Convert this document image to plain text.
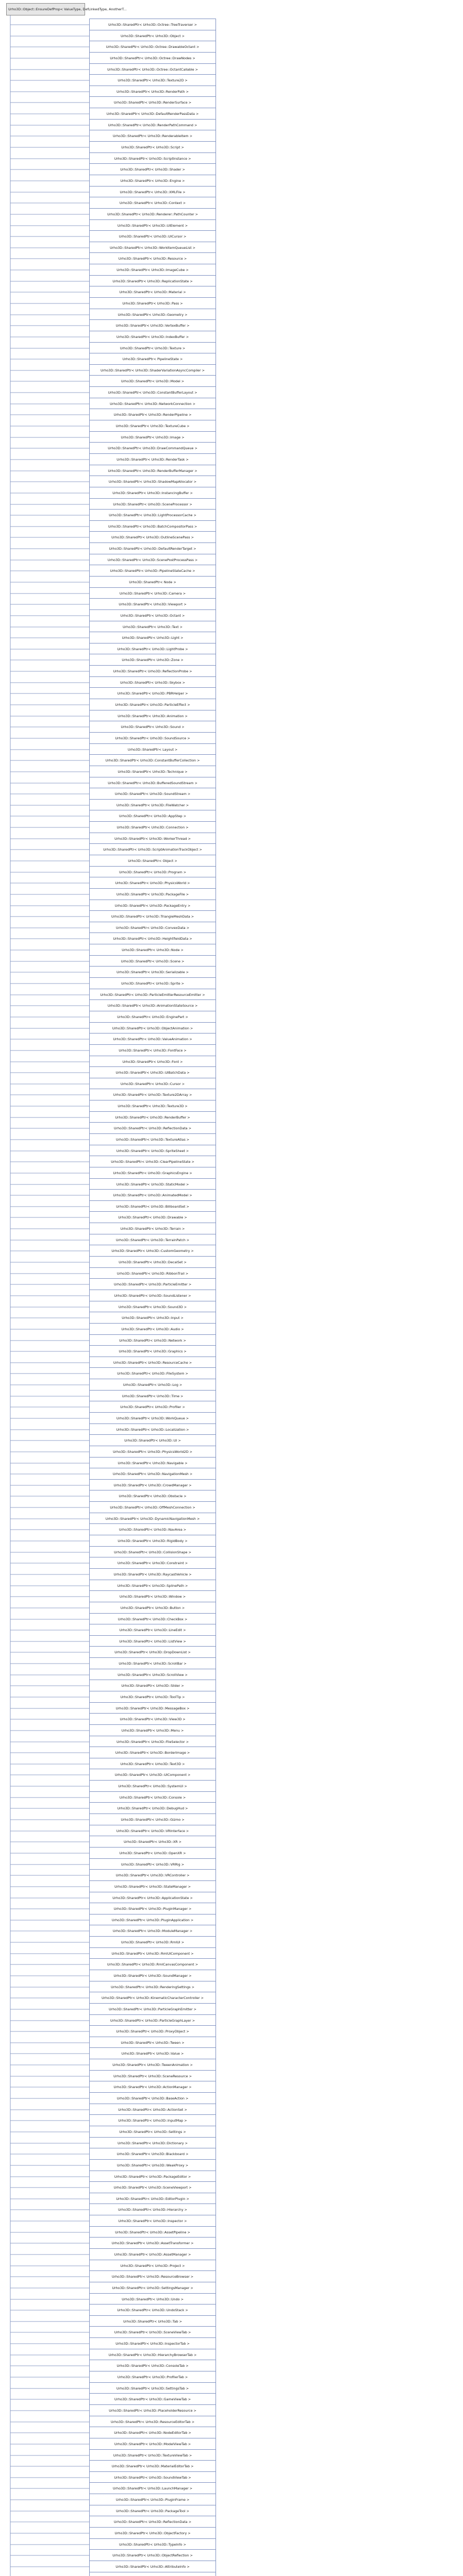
Urho3D::Object::EnsureDefProp< ValueType, DefLinkedType, AnotherT...
Urho3D::SharedPtr< Urho3D::Octree::TreeTraverser >
Urho3D::SharedPtr< Urho3D::Object >
Urho3D::SharedPtr< Urho3D::Octree::DrawableOctant >
Urho3D::SharedPtr< Urho3D::Octree::DrawNodes >
Urho3D::SharedPtr< Urho3D::Octree::OctantCallable >
Urho3D::SharedPtr< Urho3D::Texture2D >
Urho3D::SharedPtr< Urho3D::RenderPath >
Urho3D::SharedPtr< Urho3D::RenderSurface >
Urho3D::SharedPtr< Urho3D::DefaultRenderPassData >
Urho3D::SharedPtr< Urho3D::RenderPathCommand >
Urho3D::SharedPtr< Urho3D::RenderableItem >
Urho3D::SharedPtr< Urho3D::Script >
Urho3D::SharedPtr< Urho3D::ScriptInstance >
Urho3D::SharedPtr< Urho3D::Shader >
Urho3D::SharedPtr< Urho3D::Engine >
Urho3D::SharedPtr< Urho3D::XMLFile >
Urho3D::SharedPtr< Urho3D::Context >
Urho3D::SharedPtr< Urho3D::Renderer::PathCounter >
Urho3D::SharedPtr< Urho3D::UIElement >
Urho3D::SharedPtr< Urho3D::UICursor >
Urho3D::SharedPtr< Urho3D::WorkItemQueueList >
Urho3D::SharedPtr< Urho3D::Resource >
Urho3D::SharedPtr< Urho3D::ImageCube >
Urho3D::SharedPtr< Urho3D::ReplicationState >
Urho3D::SharedPtr< Urho3D::Material >
Urho3D::SharedPtr< Urho3D::Pass >
Urho3D::SharedPtr< Urho3D::Geometry >
Urho3D::SharedPtr< Urho3D::VertexBuffer >
Urho3D::SharedPtr< Urho3D::IndexBuffer >
Urho3D::SharedPtr< Urho3D::Texture >
Urho3D::SharedPtr< PipelineState >
Urho3D::SharedPtr< Urho3D::ShaderVariationAsyncCompiler >
Urho3D::SharedPtr< Urho3D::Model >
Urho3D::SharedPtr< Urho3D::ConstantBufferLayout >
Urho3D::SharedPtr< Urho3D::NetworkConnection >
Urho3D::SharedPtr< Urho3D::RenderPipeline >
Urho3D::SharedPtr< Urho3D::TextureCube >
Urho3D::SharedPtr< Urho3D::Image >
Urho3D::SharedPtr< Urho3D::DrawCommandQueue >
Urho3D::SharedPtr< Urho3D::RenderTask >
Urho3D::SharedPtr< Urho3D::RenderBufferManager >
Urho3D::SharedPtr< Urho3D::ShadowMapAllocator >
Urho3D::SharedPtr< Urho3D::InstancingBuffer >
Urho3D::SharedPtr< Urho3D::SceneProcessor >
Urho3D::SharedPtr< Urho3D::LightProcessorCache >
Urho3D::SharedPtr< Urho3D::BatchCompositorPass >
Urho3D::SharedPtr< Urho3D::OutlineScenePass >
Urho3D::SharedPtr< Urho3D::DefaultRenderTarget >
Urho3D::SharedPtr< Urho3D::ScenePostProcessPass >
Urho3D::SharedPtr< Urho3D::PipelineStateCache >
Urho3D::SharedPtr< Node >
Urho3D::SharedPtr< Urho3D::Camera >
Urho3D::SharedPtr< Urho3D::Viewport >
Urho3D::SharedPtr< Urho3D::Octant >
Urho3D::SharedPtr< Urho3D::Text >
Urho3D::SharedPtr< Urho3D::Light >
Urho3D::SharedPtr< Urho3D::LightProbe >
Urho3D::SharedPtr< Urho3D::Zone >
Urho3D::SharedPtr< Urho3D::ReflectionProbe >
Urho3D::SharedPtr< Urho3D::Skybox >
Urho3D::SharedPtr< Urho3D::PBRHelper >
Urho3D::SharedPtr< Urho3D::ParticleEffect >
Urho3D::SharedPtr< Urho3D::Animation >
Urho3D::SharedPtr< Urho3D::Sound >
Urho3D::SharedPtr< Urho3D::SoundSource >
Urho3D::SharedPtr< Layout >
Urho3D::SharedPtr< Urho3D::ConstantBufferCollection >
Urho3D::SharedPtr< Urho3D::Technique >
Urho3D::SharedPtr< Urho3D::BufferedSoundStream >
Urho3D::SharedPtr< Urho3D::SoundStream >
Urho3D::SharedPtr< Urho3D::FileWatcher >
Urho3D::SharedPtr< Urho3D::AppStep >
Urho3D::SharedPtr< Urho3D::Connection >
Urho3D::SharedPtr< Urho3D::WorkerThread >
Urho3D::SharedPtr< Urho3D::ScriptAnimationTrackObject >
Urho3D::SharedPtr< Object >
Urho3D::SharedPtr< Urho3D::Program >
Urho3D::SharedPtr< Urho3D::PhysicsWorld >
Urho3D::SharedPtr< Urho3D::PackageFile >
Urho3D::SharedPtr< Urho3D::PackageEntry >
Urho3D::SharedPtr< Urho3D::TriangleMeshData >
Urho3D::SharedPtr< Urho3D::ConvexData >
Urho3D::SharedPtr< Urho3D::HeightfieldData >
Urho3D::SharedPtr< Urho3D::Node >
Urho3D::SharedPtr< Urho3D::Scene >
Urho3D::SharedPtr< Urho3D::Serializable >
Urho3D::SharedPtr< Urho3D::Sprite >
Urho3D::SharedPtr< Urho3D::ParticleEmitterResourceEmitter >
Urho3D::SharedPtr< Urho3D::AnimationStateSource >
Urho3D::SharedPtr< Urho3D::EnginePart >
Urho3D::SharedPtr< Urho3D::ObjectAnimation >
Urho3D::SharedPtr< Urho3D::ValueAnimation >
Urho3D::SharedPtr< Urho3D::FontFace >
Urho3D::SharedPtr< Urho3D::Font >
Urho3D::SharedPtr< Urho3D::UIBatchData >
Urho3D::SharedPtr< Urho3D::Cursor >
Urho3D::SharedPtr< Urho3D::Texture2DArray >
Urho3D::SharedPtr< Urho3D::Texture3D >
Urho3D::SharedPtr< Urho3D::RenderBuffer >
Urho3D::SharedPtr< Urho3D::ReflectionData >
Urho3D::SharedPtr< Urho3D::TextureAtlas >
Urho3D::SharedPtr< Urho3D::SpriteSheet >
Urho3D::SharedPtr< Urho3D::ClearPipelineState >
Urho3D::SharedPtr< Urho3D::GraphicsEngine >
Urho3D::SharedPtr< Urho3D::StaticModel >
Urho3D::SharedPtr< Urho3D::AnimatedModel >
Urho3D::SharedPtr< Urho3D::BillboardSet >
Urho3D::SharedPtr< Urho3D::Drawable >
Urho3D::SharedPtr< Urho3D::Terrain >
Urho3D::SharedPtr< Urho3D::TerrainPatch >
Urho3D::SharedPtr< Urho3D::CustomGeometry >
Urho3D::SharedPtr< Urho3D::DecalSet >
Urho3D::SharedPtr< Urho3D::RibbonTrail >
Urho3D::SharedPtr< Urho3D::ParticleEmitter >
Urho3D::SharedPtr< Urho3D::SoundListener >
Urho3D::SharedPtr< Urho3D::Sound3D >
Urho3D::SharedPtr< Urho3D::Input >
Urho3D::SharedPtr< Urho3D::Audio >
Urho3D::SharedPtr< Urho3D::Network >
Urho3D::SharedPtr< Urho3D::Graphics >
Urho3D::SharedPtr< Urho3D::ResourceCache >
Urho3D::SharedPtr< Urho3D::FileSystem >
Urho3D::SharedPtr< Urho3D::Log >
Urho3D::SharedPtr< Urho3D::Time >
Urho3D::SharedPtr< Urho3D::Profiler >
Urho3D::SharedPtr< Urho3D::WorkQueue >
Urho3D::SharedPtr< Urho3D::Localization >
Urho3D::SharedPtr< Urho3D::UI >
Urho3D::SharedPtr< Urho3D::PhysicsWorld2D >
Urho3D::SharedPtr< Urho3D::Navigable >
Urho3D::SharedPtr< Urho3D::NavigationMesh >
Urho3D::SharedPtr< Urho3D::CrowdManager >
Urho3D::SharedPtr< Urho3D::Obstacle >
Urho3D::SharedPtr< Urho3D::OffMeshConnection >
Urho3D::SharedPtr< Urho3D::DynamicNavigationMesh >
Urho3D::SharedPtr< Urho3D::NavArea >
Urho3D::SharedPtr< Urho3D::RigidBody >
Urho3D::SharedPtr< Urho3D::CollisionShape >
Urho3D::SharedPtr< Urho3D::Constraint >
Urho3D::SharedPtr< Urho3D::RaycastVehicle >
Urho3D::SharedPtr< Urho3D::SplinePath >
Urho3D::SharedPtr< Urho3D::Window >
Urho3D::SharedPtr< Urho3D::Button >
Urho3D::SharedPtr< Urho3D::CheckBox >
Urho3D::SharedPtr< Urho3D::LineEdit >
Urho3D::SharedPtr< Urho3D::ListView >
Urho3D::SharedPtr< Urho3D::DropDownList >
Urho3D::SharedPtr< Urho3D::ScrollBar >
Urho3D::SharedPtr< Urho3D::ScrollView >
Urho3D::SharedPtr< Urho3D::Slider >
Urho3D::SharedPtr< Urho3D::ToolTip >
Urho3D::SharedPtr< Urho3D::MessageBox >
Urho3D::SharedPtr< Urho3D::View3D >
Urho3D::SharedPtr< Urho3D::Menu >
Urho3D::SharedPtr< Urho3D::FileSelector >
Urho3D::SharedPtr< Urho3D::BorderImage >
Urho3D::SharedPtr< Urho3D::Text3D >
Urho3D::SharedPtr< Urho3D::UIComponent >
Urho3D::SharedPtr< Urho3D::SystemUI >
Urho3D::SharedPtr< Urho3D::Console >
Urho3D::SharedPtr< Urho3D::DebugHud >
Urho3D::SharedPtr< Urho3D::Gizmo >
Urho3D::SharedPtr< Urho3D::VRInterface >
Urho3D::SharedPtr< Urho3D::XR >
Urho3D::SharedPtr< Urho3D::OpenXR >
Urho3D::SharedPtr< Urho3D::VRRig >
Urho3D::SharedPtr< Urho3D::VRController >
Urho3D::SharedPtr< Urho3D::StateManager >
Urho3D::SharedPtr< Urho3D::ApplicationState >
Urho3D::SharedPtr< Urho3D::PluginManager >
Urho3D::SharedPtr< Urho3D::PluginApplication >
Urho3D::SharedPtr< Urho3D::ModuleManager >
Urho3D::SharedPtr< Urho3D::RmlUI >
Urho3D::SharedPtr< Urho3D::RmlUIComponent >
Urho3D::SharedPtr< Urho3D::RmlCanvasComponent >
Urho3D::SharedPtr< Urho3D::SoundManager >
Urho3D::SharedPtr< Urho3D::RenderingSettings >
Urho3D::SharedPtr< Urho3D::KinematicCharacterController >
Urho3D::SharedPtr< Urho3D::ParticleGraphEmitter >
Urho3D::SharedPtr< Urho3D::ParticleGraphLayer >
Urho3D::SharedPtr< Urho3D::ProxyObject >
Urho3D::SharedPtr< Urho3D::Tween >
Urho3D::SharedPtr< Urho3D::Value >
Urho3D::SharedPtr< Urho3D::TweenAnimation >
Urho3D::SharedPtr< Urho3D::SceneResource >
Urho3D::SharedPtr< Urho3D::ActionManager >
Urho3D::SharedPtr< Urho3D::BaseAction >
Urho3D::SharedPtr< Urho3D::ActionSet >
Urho3D::SharedPtr< Urho3D::InputMap >
Urho3D::SharedPtr< Urho3D::Settings >
Urho3D::SharedPtr< Urho3D::Dictionary >
Urho3D::SharedPtr< Urho3D::Blackboard >
Urho3D::SharedPtr< Urho3D::WeakProxy >
Urho3D::SharedPtr< Urho3D::PackageEditor >
Urho3D::SharedPtr< Urho3D::SceneViewport >
Urho3D::SharedPtr< Urho3D::EditorPlugin >
Urho3D::SharedPtr< Urho3D::Hierarchy >
Urho3D::SharedPtr< Urho3D::Inspector >
Urho3D::SharedPtr< Urho3D::AssetPipeline >
Urho3D::SharedPtr< Urho3D::AssetTransformer >
Urho3D::SharedPtr< Urho3D::AssetManager >
Urho3D::SharedPtr< Urho3D::Project >
Urho3D::SharedPtr< Urho3D::ResourceBrowser >
Urho3D::SharedPtr< Urho3D::SettingsManager >
Urho3D::SharedPtr< Urho3D::Undo >
Urho3D::SharedPtr< Urho3D::UndoStack >
Urho3D::SharedPtr< Urho3D::Tab >
Urho3D::SharedPtr< Urho3D::SceneViewTab >
Urho3D::SharedPtr< Urho3D::InspectorTab >
Urho3D::SharedPtr< Urho3D::HierarchyBrowserTab >
Urho3D::SharedPtr< Urho3D::ConsoleTab >
Urho3D::SharedPtr< Urho3D::ProfilerTab >
Urho3D::SharedPtr< Urho3D::SettingsTab >
Urho3D::SharedPtr< Urho3D::GameViewTab >
Urho3D::SharedPtr< Urho3D::PlaceholderResource >
Urho3D::SharedPtr< Urho3D::ResourceEditorTab >
Urho3D::SharedPtr< Urho3D::NodeEditorTab >
Urho3D::SharedPtr< Urho3D::ModelViewTab >
Urho3D::SharedPtr< Urho3D::TextureViewTab >
Urho3D::SharedPtr< Urho3D::MaterialEditorTab >
Urho3D::SharedPtr< Urho3D::SoundViewTab >
Urho3D::SharedPtr< Urho3D::LaunchManager >
Urho3D::SharedPtr< Urho3D::PluginFrame >
Urho3D::SharedPtr< Urho3D::PackageTool >
Urho3D::SharedPtr< Urho3D::ReflectionData >
Urho3D::SharedPtr< Urho3D::ObjectFactory >
Urho3D::SharedPtr< Urho3D::TypeInfo >
Urho3D::SharedPtr< Urho3D::ObjectReflection >
Urho3D::SharedPtr< Urho3D::AttributeInfo >
